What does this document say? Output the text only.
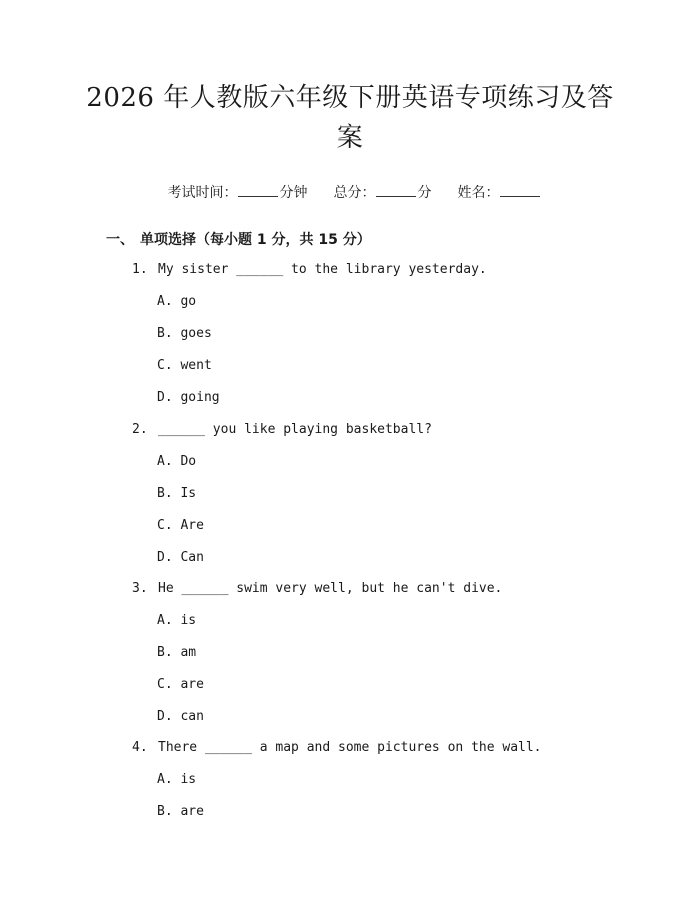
2026 年人教版六年级下册英语专项练习及答
案

考试时间：	分钟 总分：	分 姓名：

一、 单项选择（每小题 1 分，共 15 分）
1. My sister ______ to the library yesterday.
A. go
B. goes
C. went
D. going
2. ______ you like playing basketball?
A. Do
B. Is
C. Are
D. Can
3. He ______ swim very well, but he can't dive.
A. is
B. am
C. are
D. can
4. There ______ a map and some pictures on the wall.
A. is
B. are
